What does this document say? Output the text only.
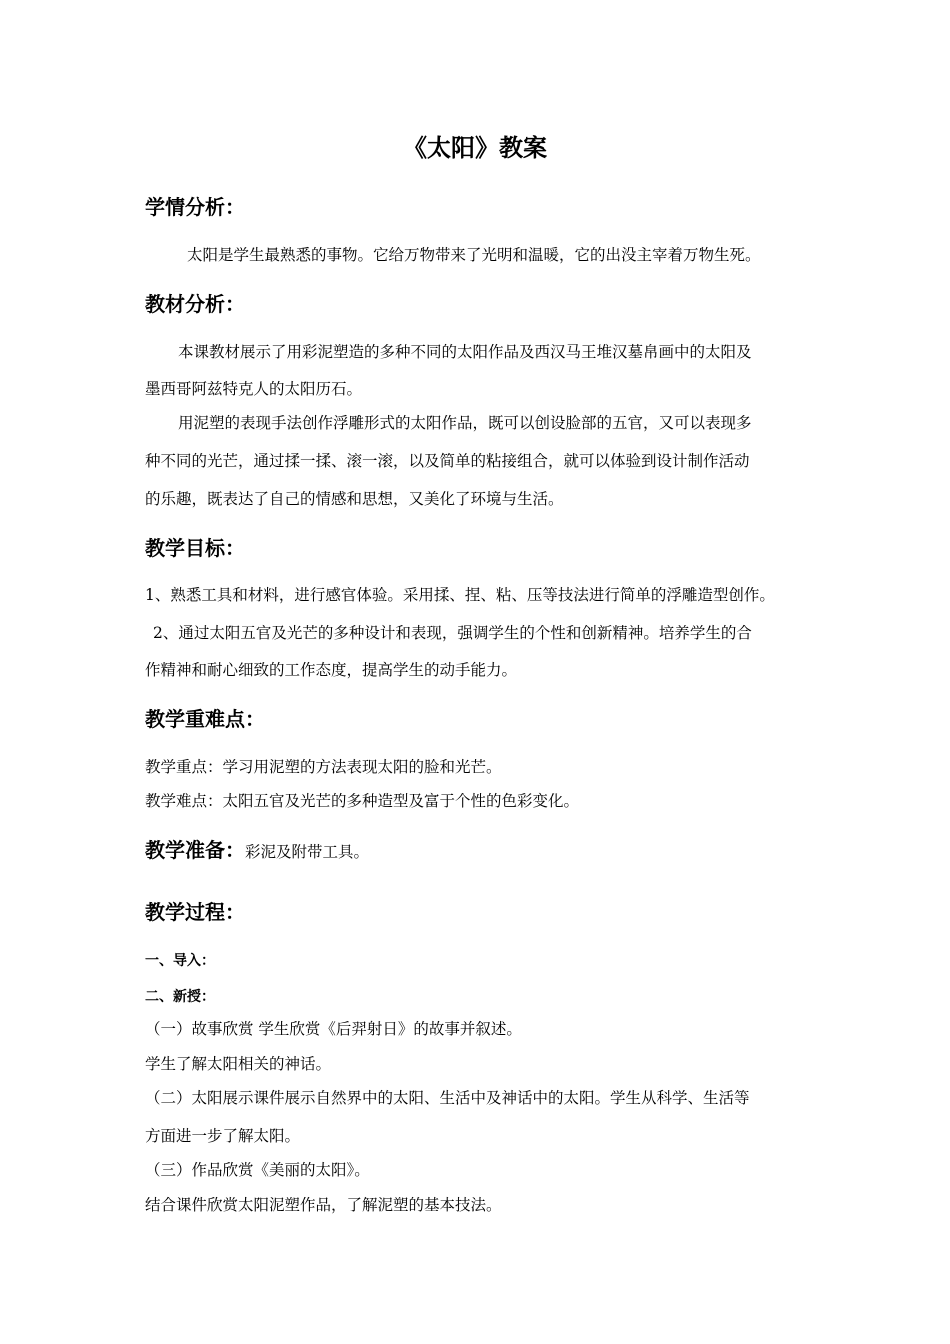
《太阳》教案
学情分析：
太阳是学生最熟悉的事物。它给万物带来了光明和温暖，它的出没主宰着万物生死。
教材分析：
本课教材展示了用彩泥塑造的多种不同的太阳作品及西汉马王堆汉墓帛画中的太阳及
墨西哥阿兹特克人的太阳历石。
用泥塑的表现手法创作浮雕形式的太阳作品，既可以创设脸部的五官，又可以表现多
种不同的光芒，通过揉一揉、滚一滚，以及简单的粘接组合，就可以体验到设计制作活动
的乐趣，既表达了自己的情感和思想，又美化了环境与生活。
教学目标：
1、熟悉工具和材料，进行感官体验。采用揉、捏、粘、压等技法进行简单的浮雕造型创作。
2、通过太阳五官及光芒的多种设计和表现，强调学生的个性和创新精神。培养学生的合
作精神和耐心细致的工作态度，提高学生的动手能力。
教学重难点：
教学重点：学习用泥塑的方法表现太阳的脸和光芒。
教学难点：太阳五官及光芒的多种造型及富于个性的色彩变化。
教学准备：彩泥及附带工具。
教学过程：
一、导入：
二、新授：
（一）故事欣赏 学生欣赏《后羿射日》的故事并叙述。
学生了解太阳相关的神话。
（二）太阳展示课件展示自然界中的太阳、生活中及神话中的太阳。学生从科学、生活等
方面进一步了解太阳。
（三）作品欣赏《美丽的太阳》。
结合课件欣赏太阳泥塑作品，了解泥塑的基本技法。
